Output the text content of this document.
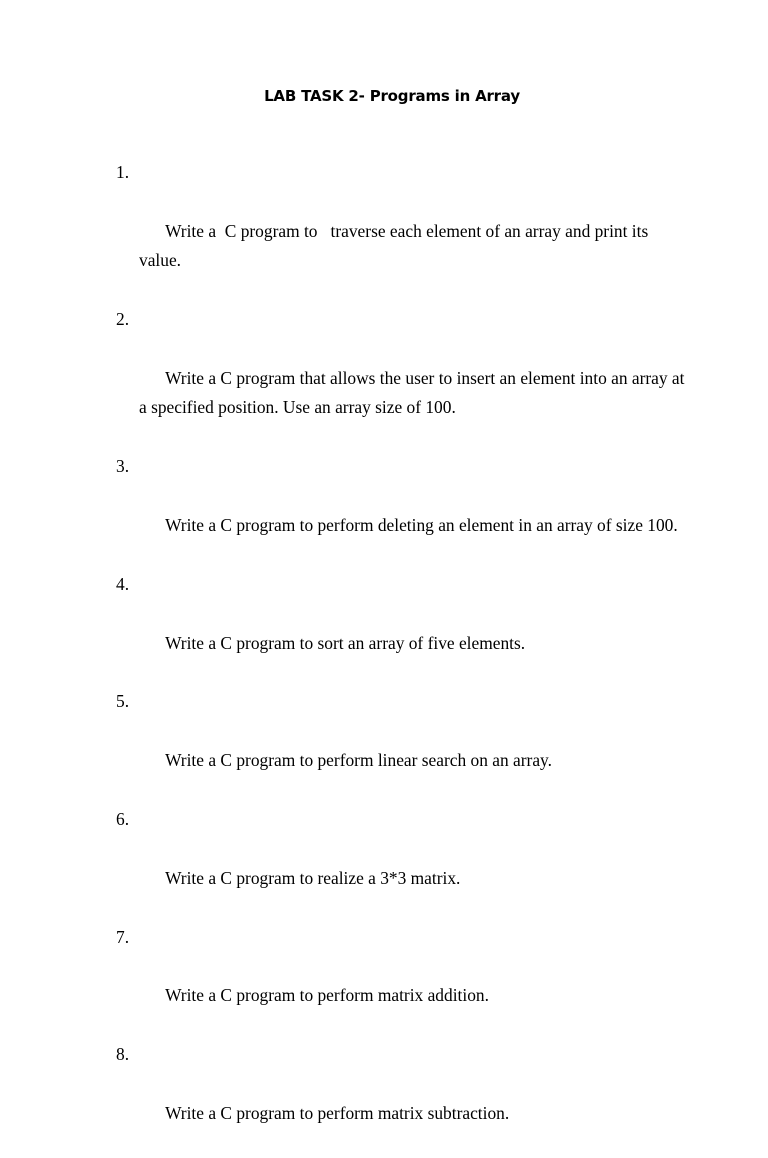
LAB TASK 2- Programs in Array

1.

Write a  C program to   traverse each element of an array and print its value.

2.

Write a C program that allows the user to insert an element into an array at a specified position. Use an array size of 100.

3.

Write a C program to perform deleting an element in an array of size 100.

4.

Write a C program to sort an array of five elements.

5.

Write a C program to perform linear search on an array.

6.

Write a C program to realize a 3*3 matrix.

7.

Write a C program to perform matrix addition.

8.

Write a C program to perform matrix subtraction.
